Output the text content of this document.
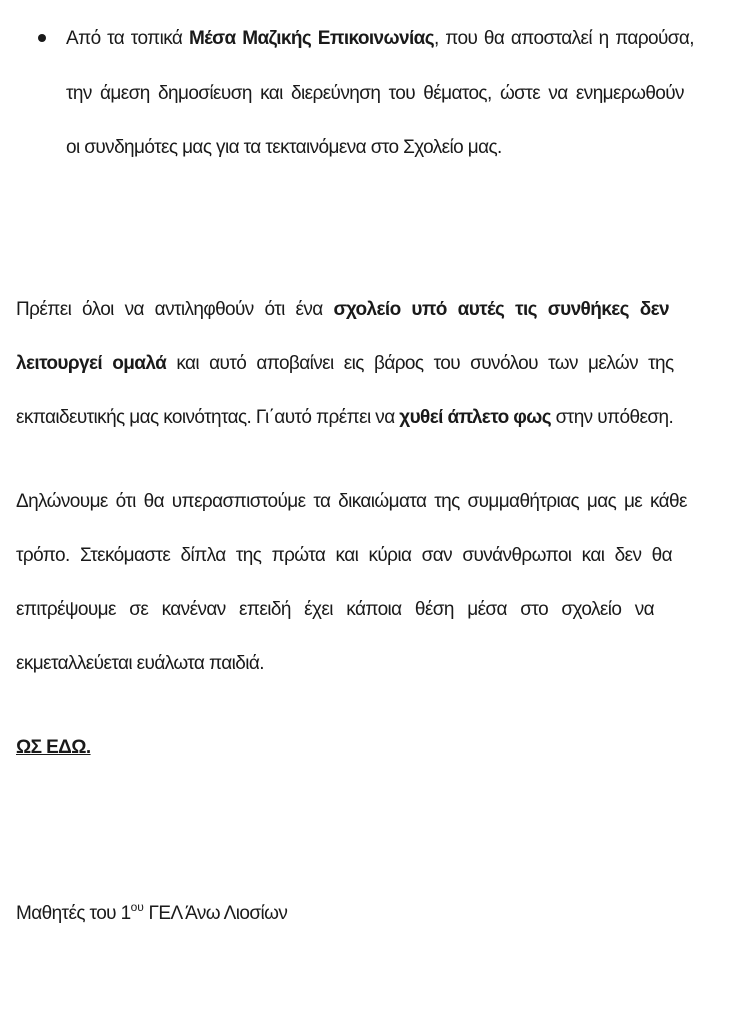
Από τα τοπικά Μέσα Μαζικής Επικοινωνίας, που θα αποσταλεί η παρούσα,
την άμεση δημοσίευση και διερεύνηση του θέματος, ώστε να ενημερωθούν
οι συνδημότες μας για τα τεκταινόμενα στο Σχολείο μας.
Πρέπει όλοι να αντιληφθούν ότι ένα σχολείο υπό αυτές τις συνθήκες δεν
λειτουργεί ομαλά και αυτό αποβαίνει εις βάρος του συνόλου των μελών της
εκπαιδευτικής μας κοινότητας. Γι΄αυτό πρέπει να χυθεί άπλετο φως στην υπόθεση.
Δηλώνουμε ότι θα υπερασπιστούμε τα δικαιώματα της συμμαθήτριας μας με κάθε
τρόπο. Στεκόμαστε δίπλα της πρώτα και κύρια σαν συνάνθρωποι και δεν θα
επιτρέψουμε σε κανέναν επειδή έχει κάποια θέση μέσα στο σχολείο να
εκμεταλλεύεται ευάλωτα παιδιά.
ΩΣ ΕΔΩ.
Μαθητές του $1^{o\upsilon}$ ΓΕΛ Άνω Λιοσίων
